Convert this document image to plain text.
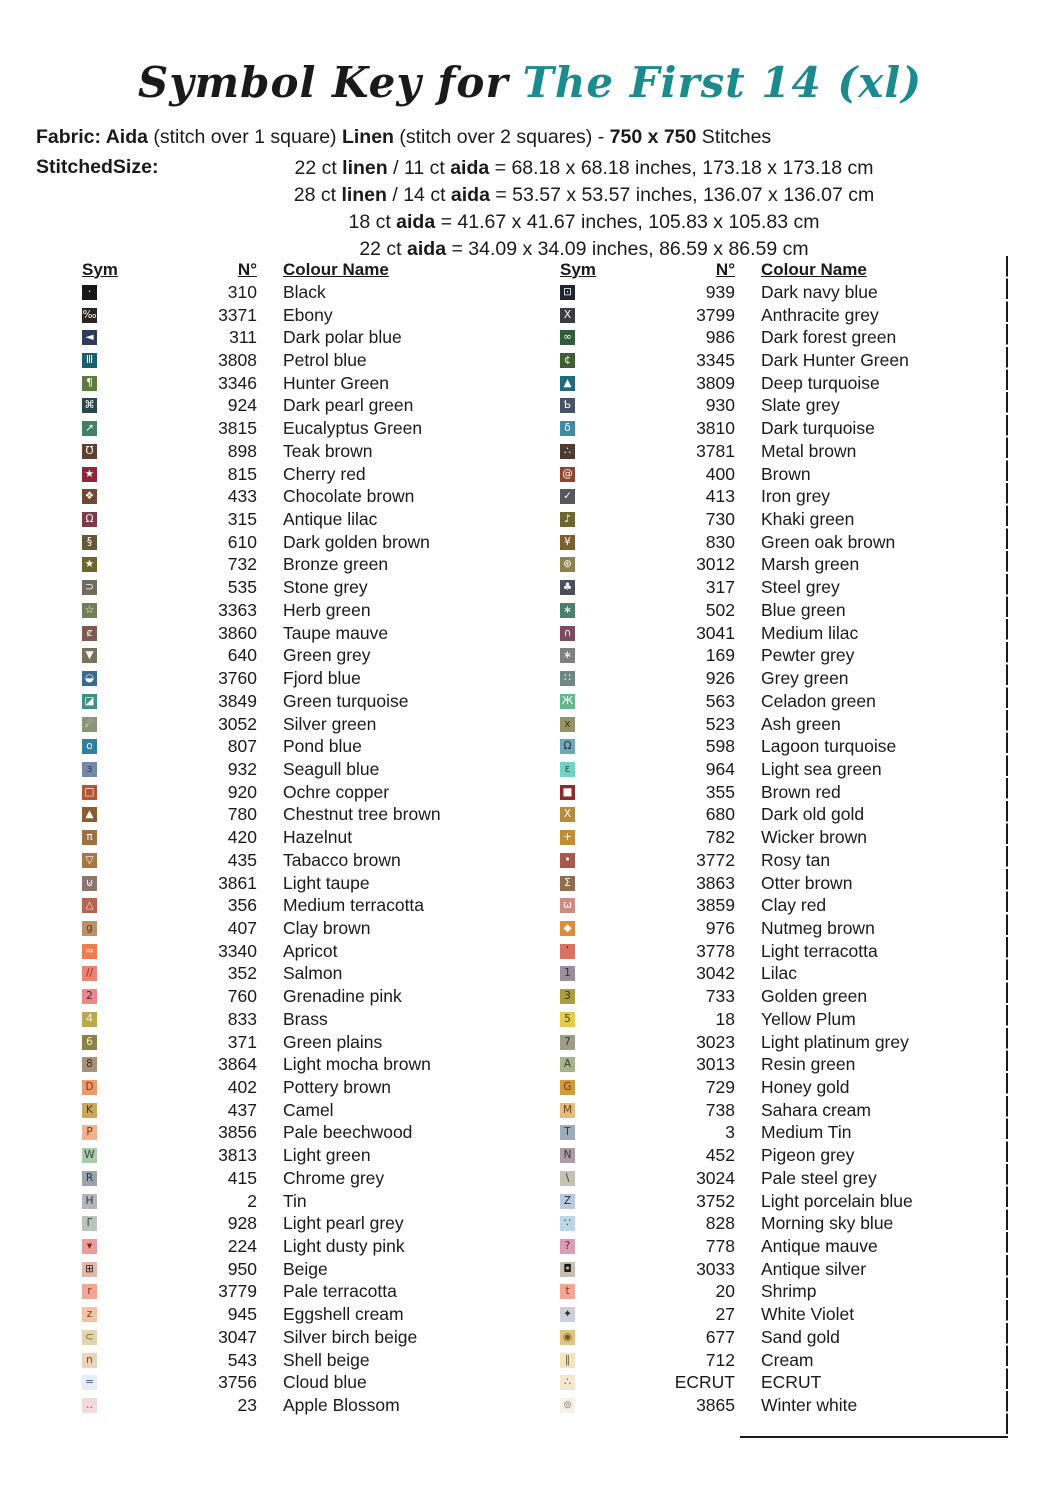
Symbol Key for The First 14 (xl)
Fabric: Aida (stitch over 1 square) Linen (stitch over 2 squares) - 750 x 750 Stitches
StitchedSize:	22 ct linen / 11 ct aida = 68.18 x 68.18 inches, 173.18 x 173.18 cm
28 ct linen / 14 ct aida = 53.57 x 53.57 inches, 136.07 x 136.07 cm
18 ct aida = 41.67 x 41.67 inches, 105.83 x 105.83 cm
22 ct aida = 34.09 x 34.09 inches, 86.59 x 86.59 cm
Sym	N° Colour Name
·	310 Black
‰	3371 Ebony
◄	311 Dark polar blue
Ⅲ	3808 Petrol blue
¶	3346 Hunter Green
⌘	924 Dark pearl green
↗	3815 Eucalyptus Green
Ʊ	898 Teak brown
★	815 Cherry red
❖	433 Chocolate brown
Ω	315 Antique lilac
§	610 Dark golden brown
★	732 Bronze green
⊃	535 Stone grey
☆	3363 Herb green
ȼ	3860 Taupe mauve
▼	640 Green grey
◒	3760 Fjord blue
◪	3849 Green turquoise
☄	3052 Silver green
o	807 Pond blue
ɜ	932 Seagull blue
□	920 Ochre copper
▲	780 Chestnut tree brown
π	420 Hazelnut
▽	435 Tabacco brown
⊍	3861 Light taupe
△	356 Medium terracotta
g	407 Clay brown
≈	3340 Apricot
//	352 Salmon
2	760 Grenadine pink
4	833 Brass
6	371 Green plains
8	3864 Light mocha brown
D	402 Pottery brown
K	437 Camel
P	3856 Pale beechwood
W	3813 Light green
R	415 Chrome grey
H	2 Tin
Γ	928 Light pearl grey
▾	224 Light dusty pink
⊞	950 Beige
r	3779 Pale terracotta
z	945 Eggshell cream
⊂	3047 Silver birch beige
n	543 Shell beige
=	3756 Cloud blue
‥	23 Apple Blossom
Sym	N° Colour Name
⊡	939 Dark navy blue
X	3799 Anthracite grey
∞	986 Dark forest green
¢	3345 Dark Hunter Green
▲	3809 Deep turquoise
Ƅ	930 Slate grey
δ	3810 Dark turquoise
∴	3781 Metal brown
@	400 Brown
✓	413 Iron grey
♪	730 Khaki green
¥	830 Green oak brown
⊛	3012 Marsh green
♣	317 Steel grey
∗	502 Blue green
∩	3041 Medium lilac
∗	169 Pewter grey
∷	926 Grey green
Ж	563 Celadon green
x	523 Ash green
Ω	598 Lagoon turquoise
ε	964 Light sea green
■	355 Brown red
Χ	680 Dark old gold
+	782 Wicker brown
•	3772 Rosy tan
Σ	3863 Otter brown
ω	3859 Clay red
◆	976 Nutmeg brown
‛	3778 Light terracotta
1	3042 Lilac
3	733 Golden green
5	18 Yellow Plum
7	3023 Light platinum grey
A	3013 Resin green
G	729 Honey gold
M	738 Sahara cream
T	3 Medium Tin
N	452 Pigeon grey
\	3024 Pale steel grey
Z	3752 Light porcelain blue
∵	828 Morning sky blue
?	778 Antique mauve
◘	3033 Antique silver
t	20 Shrimp
✦	27 White Violet
◉	677 Sand gold
‖	712 Cream
∴	ECRUT ECRUT
⊚	3865 Winter white
